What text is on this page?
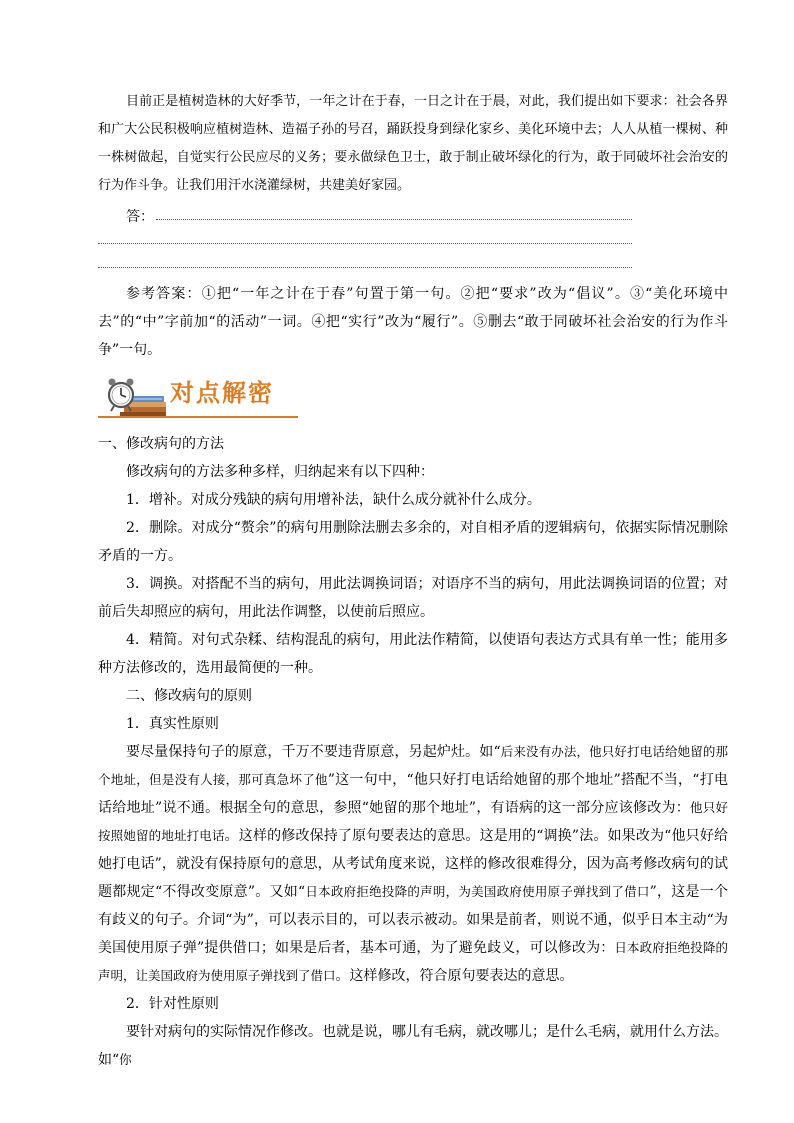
目前正是植树造林的大好季节，一年之计在于春，一日之计在于晨，对此，我们提出如下要求：社会各界和广大公民积极响应植树造林、造福子孙的号召，踊跃投身到绿化家乡、美化环境中去；人人从植一棵树、种一株树做起，自觉实行公民应尽的义务；要永做绿色卫士，敢于制止破坏绿化的行为，敢于同破坏社会治安的行为作斗争。让我们用汗水浇灌绿树，共建美好家园。

答：

参考答案：①把“一年之计在于春”句置于第一句。②把“要求”改为“倡议”。③“美化环境中去”的“中”字前加“的活动”一词。④把“实行”改为“履行”。⑤删去“敢于同破坏社会治安的行为作斗争”一句。

对点解密

一、修改病句的方法

修改病句的方法多种多样，归纳起来有以下四种：

1．增补。对成分残缺的病句用增补法，缺什么成分就补什么成分。

2．删除。对成分“赘余”的病句用删除法删去多余的，对自相矛盾的逻辑病句，依据实际情况删除矛盾的一方。

3．调换。对搭配不当的病句，用此法调换词语；对语序不当的病句，用此法调换词语的位置；对前后失却照应的病句，用此法作调整，以使前后照应。

4．精简。对句式杂糅、结构混乱的病句，用此法作精简，以使语句表达方式具有单一性；能用多种方法修改的，选用最简便的一种。

二、修改病句的原则

1．真实性原则

要尽量保持句子的原意，千万不要违背原意，另起炉灶。如“后来没有办法，他只好打电话给她留的那个地址，但是没有人接，那可真急坏了他”这一句中，“他只好打电话给她留的那个地址”搭配不当，“打电话给地址”说不通。根据全句的意思，参照“她留的那个地址”，有语病的这一部分应该修改为：他只好按照她留的地址打电话。这样的修改保持了原句要表达的意思。这是用的“调换”法。如果改为“他只好给她打电话”，就没有保持原句的意思，从考试角度来说，这样的修改很难得分，因为高考修改病句的试题都规定“不得改变原意”。又如“日本政府拒绝投降的声明，为美国政府使用原子弹找到了借口”，这是一个有歧义的句子。介词“为”，可以表示目的，可以表示被动。如果是前者，则说不通，似乎日本主动“为美国使用原子弹”提供借口；如果是后者，基本可通，为了避免歧义，可以修改为：日本政府拒绝投降的声明，让美国政府为使用原子弹找到了借口。这样修改，符合原句要表达的意思。

2．针对性原则

要针对病句的实际情况作修改。也就是说，哪儿有毛病，就改哪儿；是什么毛病，就用什么方法。如“你
